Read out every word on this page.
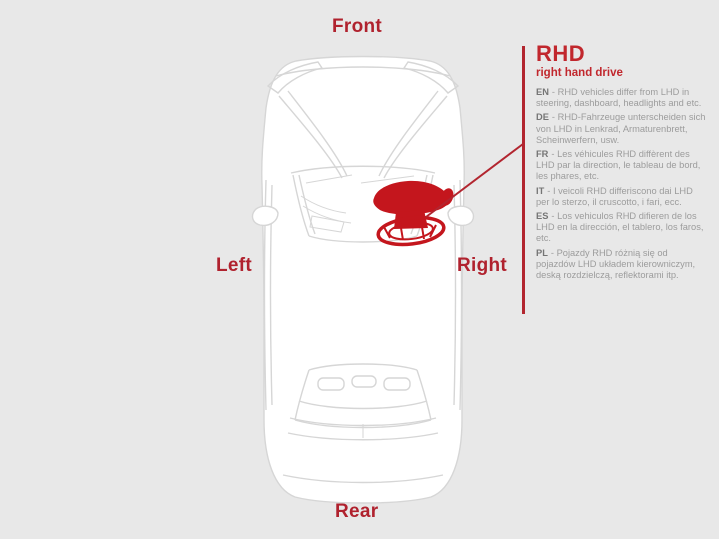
Front
Left	Right
Rear
RHD
right hand drive
EN - RHD vehicles differ from LHD in steering, dashboard, headlights and etc.
DE - RHD-Fahrzeuge unterscheiden sich von LHD in Lenkrad, Armaturenbrett, Scheinwerfern, usw.
FR - Les véhicules RHD diffèrent des LHD par la direction, le tableau de bord, les phares, etc.
IT - I veicoli RHD differiscono dai LHD per lo sterzo, il cruscotto, i fari, ecc.
ES - Los vehiculos RHD difieren de los LHD en la dirección, el tablero, los faros, etc.
PL - Pojazdy RHD różnią się od pojazdów LHD układem kierowniczym, deską rozdzielczą, reflektorami itp.
